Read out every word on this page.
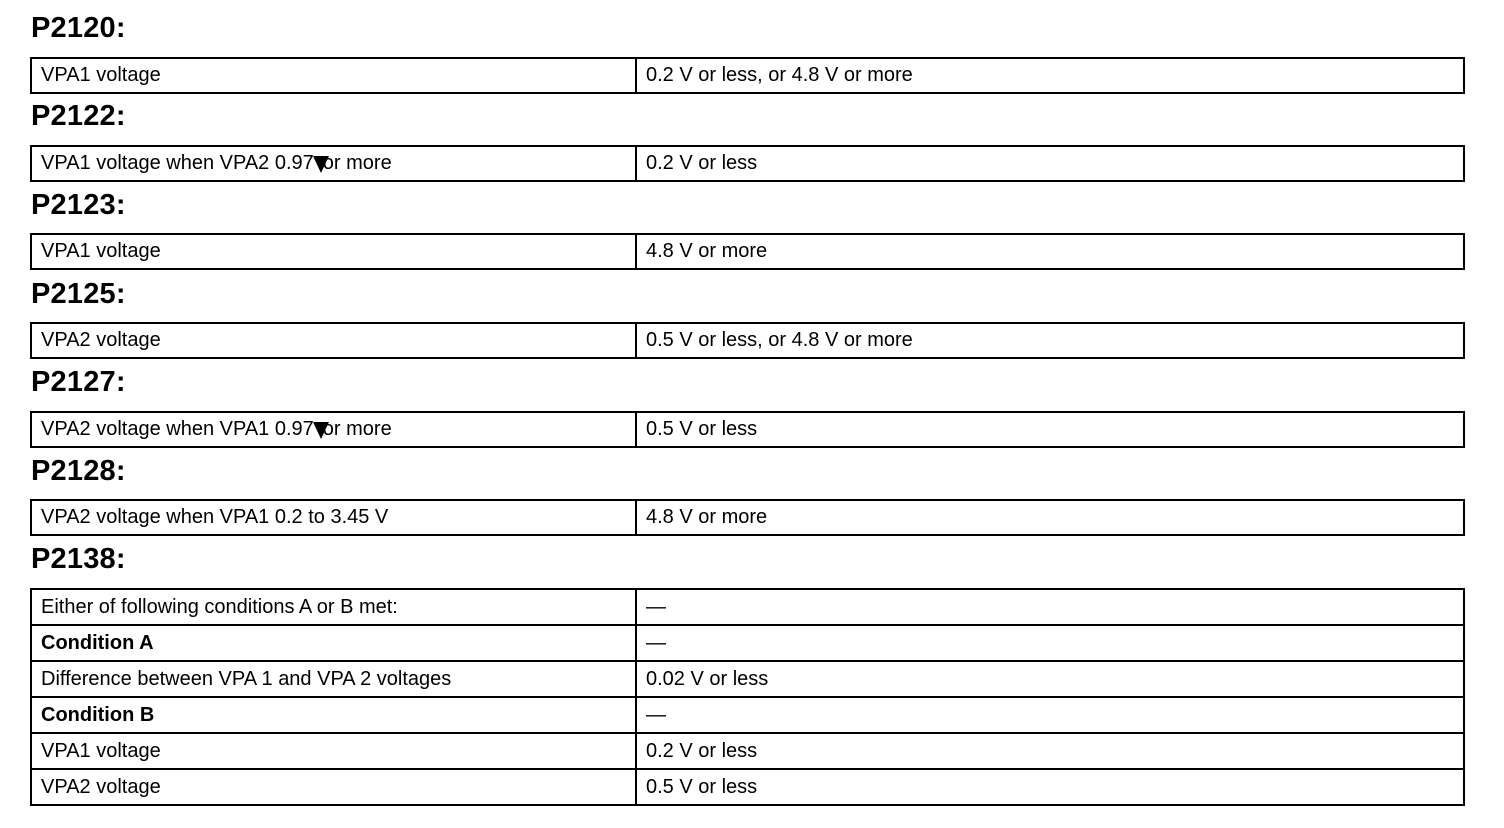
P2120:
VPA1 voltage	0.2 V or less, or 4.8 V or more
P2122:
VPA1 voltage when VPA2 0.97 or more	0.2 V or less
P2123:
VPA1 voltage	4.8 V or more
P2125:
VPA2 voltage	0.5 V or less, or 4.8 V or more
P2127:
VPA2 voltage when VPA1 0.97 or more	0.5 V or less
P2128:
VPA2 voltage when VPA1 0.2 to 3.45 V	4.8 V or more
P2138:
Either of following conditions A or B met:	—
Condition A	—
Difference between VPA 1 and VPA 2 voltages	0.02 V or less
Condition B	—
VPA1 voltage	0.2 V or less
VPA2 voltage	0.5 V or less
